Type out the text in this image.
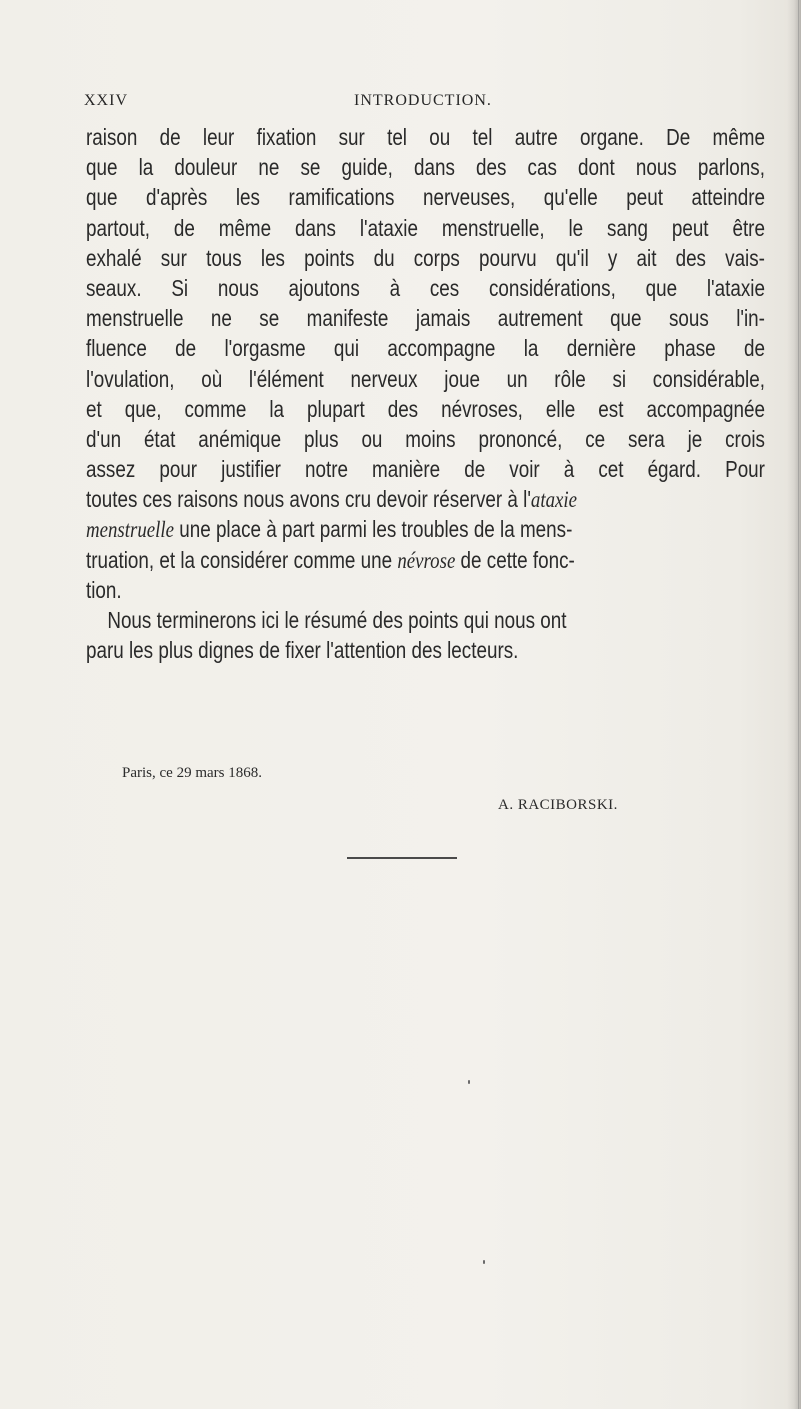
XXIV	INTRODUCTION.
raison de leur fixation sur tel ou tel autre organe. De même
que la douleur ne se guide, dans des cas dont nous parlons,
que d'après les ramifications nerveuses, qu'elle peut atteindre
partout, de même dans l'ataxie menstruelle, le sang peut être
exhalé sur tous les points du corps pourvu qu'il y ait des vais-
seaux. Si nous ajoutons à ces considérations, que l'ataxie
menstruelle ne se manifeste jamais autrement que sous l'in-
fluence de l'orgasme qui accompagne la dernière phase de
l'ovulation, où l'élément nerveux joue un rôle si considérable,
et que, comme la plupart des névroses, elle est accompagnée
d'un état anémique plus ou moins prononcé, ce sera je crois
assez pour justifier notre manière de voir à cet égard. Pour
toutes ces raisons nous avons cru devoir réserver à l'ataxie
menstruelle une place à part parmi les troubles de la mens-
truation, et la considérer comme une névrose de cette fonc-
tion.
Nous terminerons ici le résumé des points qui nous ont
paru les plus dignes de fixer l'attention des lecteurs.
Paris, ce 29 mars 1868.
A. RACIBORSKI.
